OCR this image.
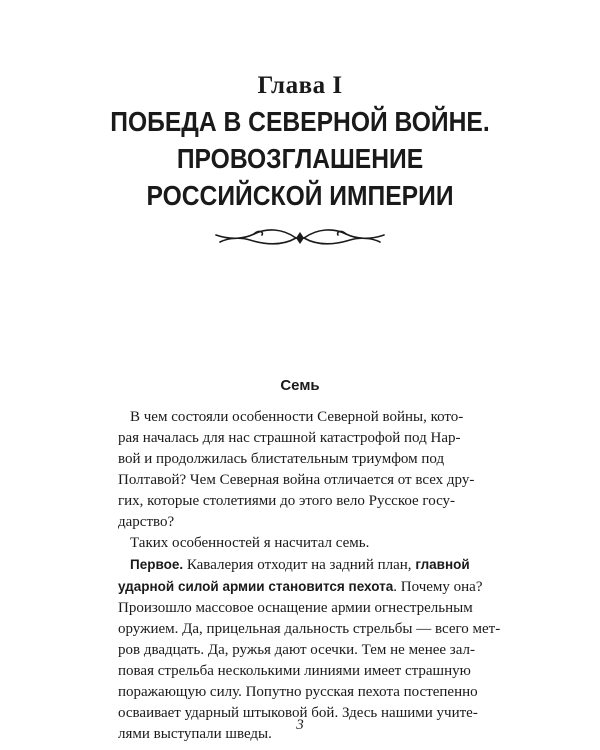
Глава I
ПОБЕДА В СЕВЕРНОЙ ВОЙНЕ.
ПРОВОЗГЛАШЕНИЕ
РОССИЙСКОЙ ИМПЕРИИ
Семь
В чем состояли особенности Северной войны, кото-
рая началась для нас страшной катастрофой под Нар-
вой и продолжилась блистательным триумфом под
Полтавой? Чем Северная война отличается от всех дру-
гих, которые столетиями до этого вело Русское госу-
дарство?
Таких особенностей я насчитал семь.
Первое. Кавалерия отходит на задний план, главной
ударной силой армии становится пехота. Почему она?
Произошло массовое оснащение армии огнестрельным
оружием. Да, прицельная дальность стрельбы — всего мет-
ров двадцать. Да, ружья дают осечки. Тем не менее зал-
повая стрельба несколькими линиями имеет страшную
поражающую силу. Попутно русская пехота постепенно
осваивает ударный штыковой бой. Здесь нашими учите-
лями выступали шведы.
3
